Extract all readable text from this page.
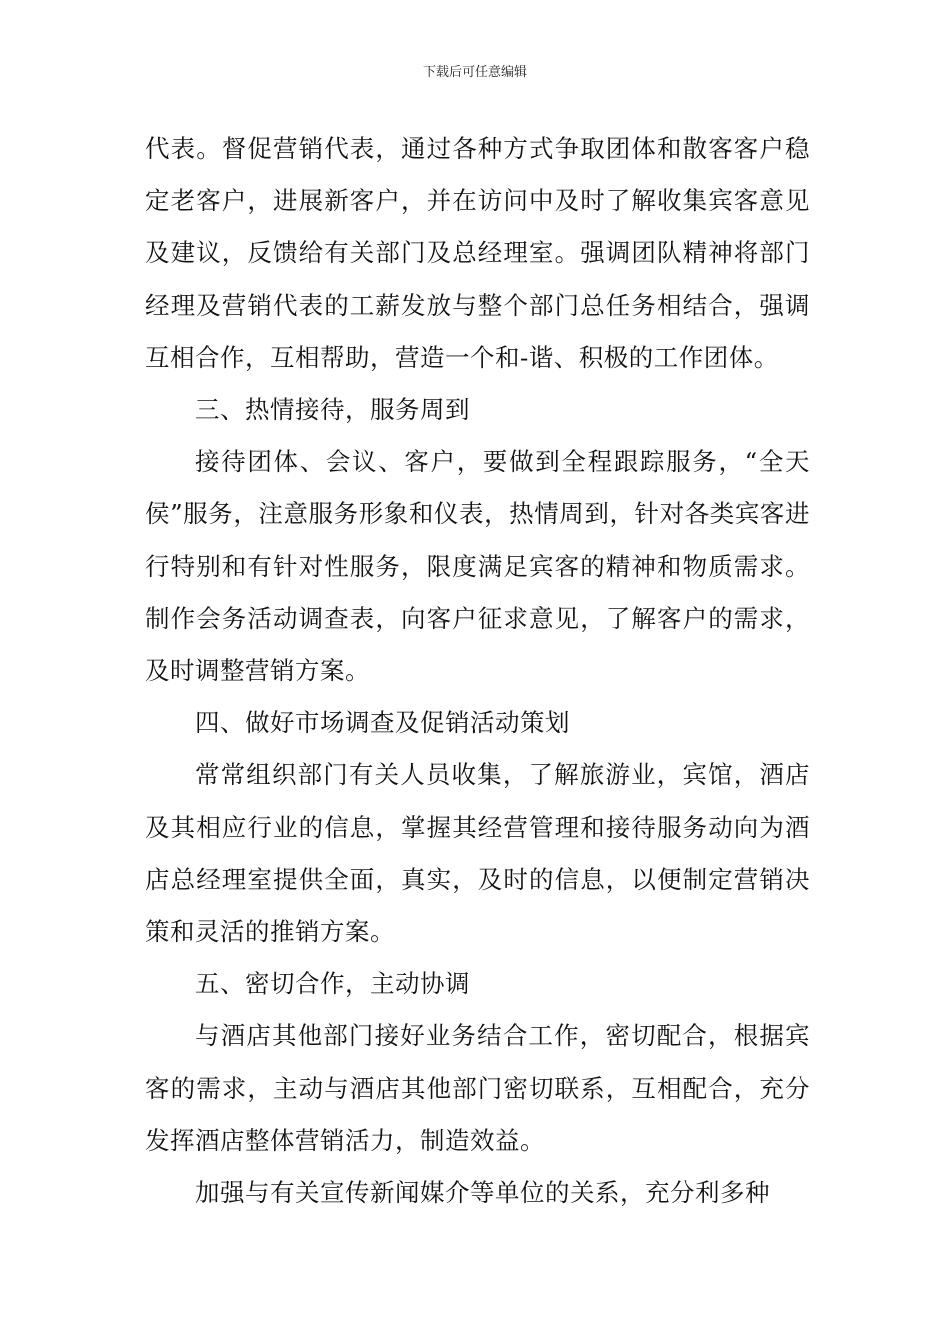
下载后可任意编辑

代表。督促营销代表，通过各种方式争取团体和散客客户稳定老客户，进展新客户，并在访问中及时了解收集宾客意见及建议，反馈给有关部门及总经理室。强调团队精神将部门经理及营销代表的工薪发放与整个部门总任务相结合，强调互相合作，互相帮助，营造一个和-谐、积极的工作团体。

三、热情接待，服务周到

接待团体、会议、客户，要做到全程跟踪服务，“全天侯”服务，注意服务形象和仪表，热情周到，针对各类宾客进行特别和有针对性服务，限度满足宾客的精神和物质需求。制作会务活动调查表，向客户征求意见，了解客户的需求，及时调整营销方案。

四、做好市场调查及促销活动策划

常常组织部门有关人员收集，了解旅游业，宾馆，酒店及其相应行业的信息，掌握其经营管理和接待服务动向为酒店总经理室提供全面，真实，及时的信息，以便制定营销决策和灵活的推销方案。

五、密切合作，主动协调

与酒店其他部门接好业务结合工作，密切配合，根据宾客的需求，主动与酒店其他部门密切联系，互相配合，充分发挥酒店整体营销活力，制造效益。

加强与有关宣传新闻媒介等单位的关系，充分利多种
